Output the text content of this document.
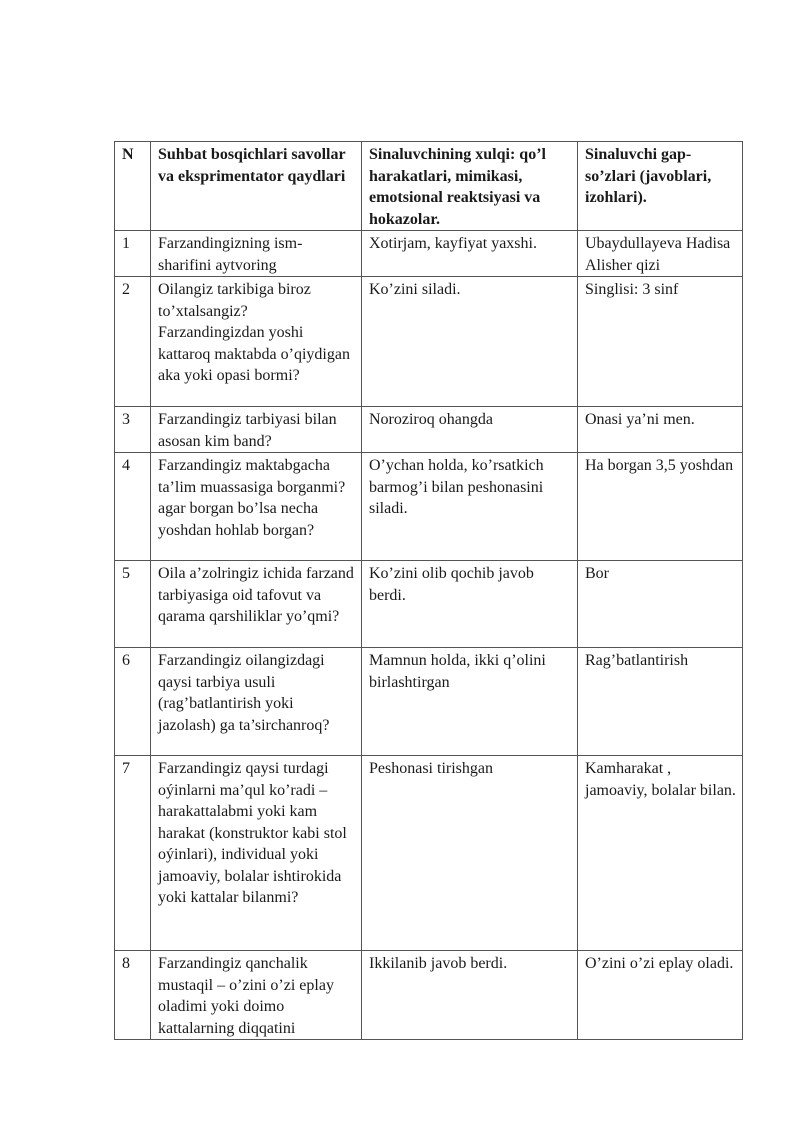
N	Suhbat bosqichlari savollar va eksprimentator qaydlari	Sinaluvchining xulqi: qo’l harakatlari, mimikasi, emotsional reaktsiyasi va hokazolar.	Sinaluvchi gap-so’zlari (javoblari, izohlari).
1	Farzandingizning ism-sharifini aytvoring	Xotirjam, kayfiyat yaxshi.	Ubaydullayeva Hadisa Alisher qizi
2	Oilangiz tarkibiga biroz to’xtalsangiz? Farzandingizdan yoshi kattaroq maktabda o’qiydigan aka yoki opasi bormi?	Ko’zini siladi.	Singlisi: 3 sinf
3	Farzandingiz tarbiyasi bilan asosan kim band?	Noroziroq ohangda	Onasi ya’ni men.
4	Farzandingiz maktabgacha ta’lim muassasiga borganmi? agar borgan bo’lsa necha yoshdan hohlab borgan?	O’ychan holda, ko’rsatkich barmog’i bilan peshonasini siladi.	Ha borgan 3,5 yoshdan
5	Oila a’zolringiz ichida farzand tarbiyasiga oid tafovut va qarama qarshiliklar yo’qmi?	Ko’zini olib qochib javob berdi.	Bor
6	Farzandingiz oilangizdagi qaysi tarbiya usuli (rag’batlantirish yoki jazolash) ga ta’sirchanroq?	Mamnun holda, ikki q’olini birlashtirgan	Rag’batlantirish
7	Farzandingiz qaysi turdagi oýinlarni ma’qul ko’radi – harakattalabmi yoki kam harakat (konstruktor kabi stol oýinlari), individual yoki jamoaviy, bolalar ishtirokida yoki kattalar bilanmi?	Peshonasi tirishgan	Kamharakat , jamoaviy, bolalar bilan.
8	Farzandingiz qanchalik mustaqil – o’zini o’zi eplay oladimi yoki doimo kattalarning diqqatini	Ikkilanib javob berdi.	O’zini o’zi eplay oladi.
